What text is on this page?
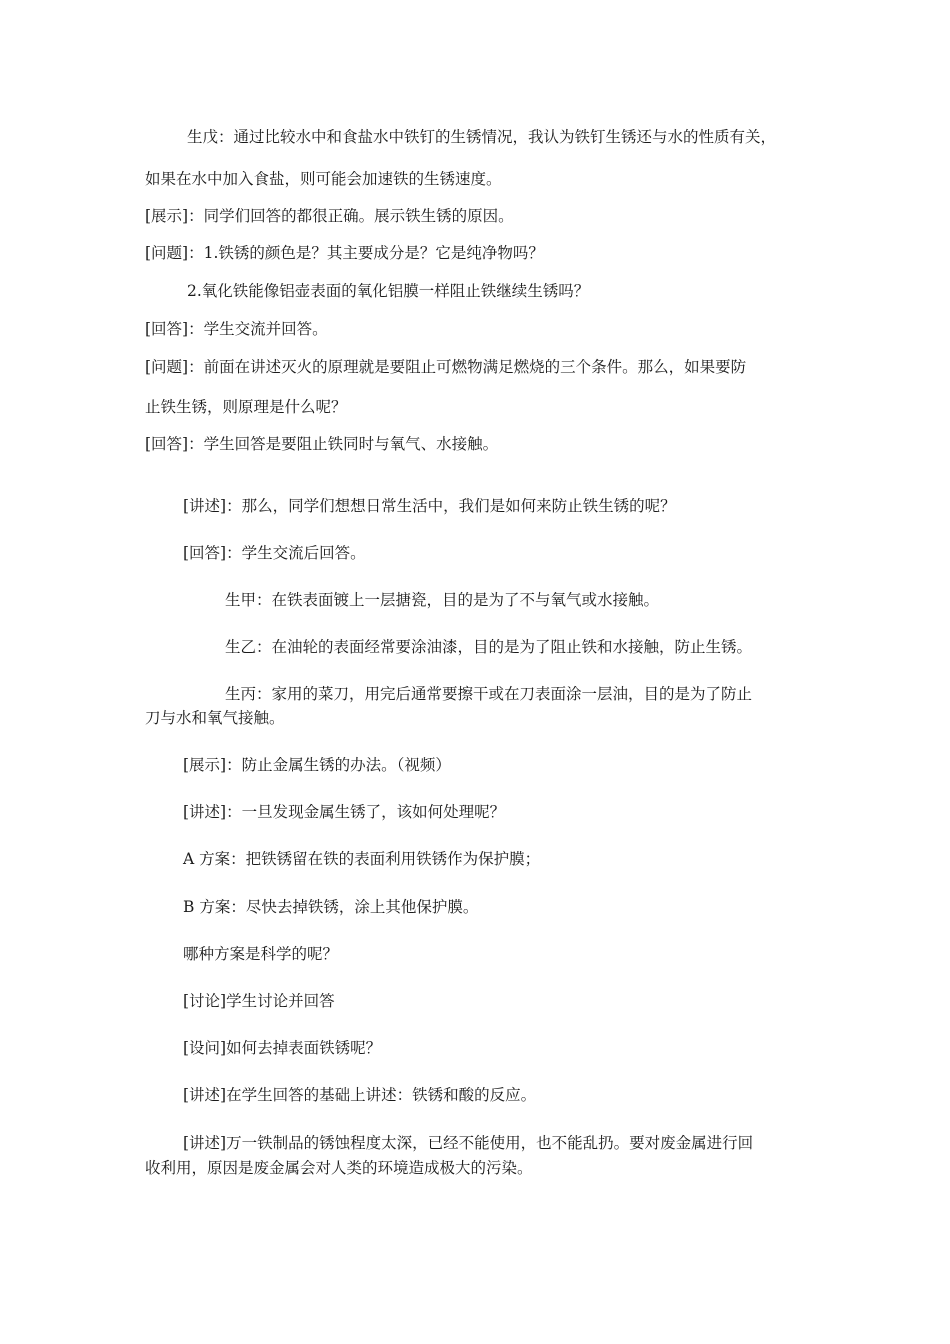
生戊：通过比较水中和食盐水中铁钉的生锈情况，我认为铁钉生锈还与水的性质有关，

如果在水中加入食盐，则可能会加速铁的生锈速度。

[展示]：同学们回答的都很正确。展示铁生锈的原因。

[问题]：1.铁锈的颜色是？其主要成分是？它是纯净物吗？

2.氧化铁能像铝壶表面的氧化铝膜一样阻止铁继续生锈吗？

[回答]：学生交流并回答。

[问题]：前面在讲述灭火的原理就是要阻止可燃物满足燃烧的三个条件。那么，如果要防

止铁生锈，则原理是什么呢？

[回答]：学生回答是要阻止铁同时与氧气、水接触。

[讲述]：那么，同学们想想日常生活中，我们是如何来防止铁生锈的呢？

[回答]：学生交流后回答。

生甲：在铁表面镀上一层搪瓷，目的是为了不与氧气或水接触。

生乙：在油轮的表面经常要涂油漆，目的是为了阻止铁和水接触，防止生锈。

生丙：家用的菜刀，用完后通常要擦干或在刀表面涂一层油，目的是为了防止

刀与水和氧气接触。

[展示]：防止金属生锈的办法。（视频）

[讲述]：一旦发现金属生锈了，该如何处理呢？

A 方案：把铁锈留在铁的表面利用铁锈作为保护膜；

B 方案：尽快去掉铁锈，涂上其他保护膜。

哪种方案是科学的呢？

[讨论]学生讨论并回答

[设问]如何去掉表面铁锈呢？

[讲述]在学生回答的基础上讲述：铁锈和酸的反应。

[讲述]万一铁制品的锈蚀程度太深，已经不能使用，也不能乱扔。要对废金属进行回

收利用，原因是废金属会对人类的环境造成极大的污染。
